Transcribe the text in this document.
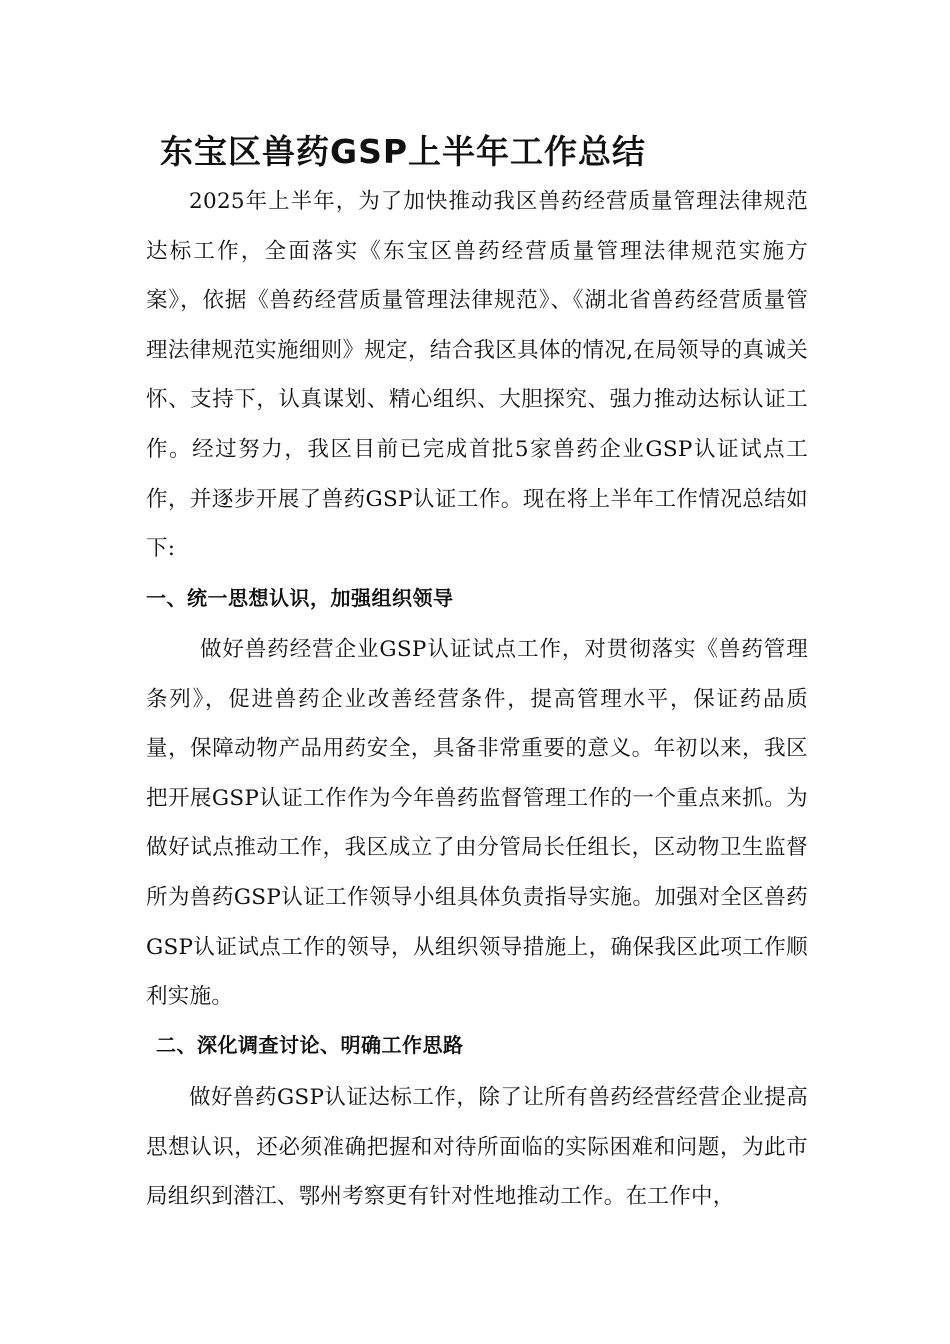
东宝区兽药GSP上半年工作总结

2025年上半年，为了加快推动我区兽药经营质量管理法律规范达标工作，全面落实《东宝区兽药经营质量管理法律规范实施方案》，依据《兽药经营质量管理法律规范》、《湖北省兽药经营质量管理法律规范实施细则》规定，结合我区具体的情况,在局领导的真诚关怀、支持下，认真谋划、精心组织、大胆探究、强力推动达标认证工作。经过努力，我区目前已完成首批5家兽药企业GSP认证试点工作，并逐步开展了兽药GSP认证工作。现在将上半年工作情况总结如下:

一、统一思想认识，加强组织领导

做好兽药经营企业GSP认证试点工作，对贯彻落实《兽药管理条列》，促进兽药企业改善经营条件，提高管理水平，保证药品质量，保障动物产品用药安全，具备非常重要的意义。年初以来，我区把开展GSP认证工作作为今年兽药监督管理工作的一个重点来抓。为做好试点推动工作，我区成立了由分管局长任组长，区动物卫生监督所为兽药GSP认证工作领导小组具体负责指导实施。加强对全区兽药GSP认证试点工作的领导，从组织领导措施上，确保我区此项工作顺利实施。

二、深化调查讨论、明确工作思路

做好兽药GSP认证达标工作，除了让所有兽药经营经营企业提高思想认识，还必须准确把握和对待所面临的实际困难和问题，为此市局组织到潜江、鄂州考察更有针对性地推动工作。在工作中，
